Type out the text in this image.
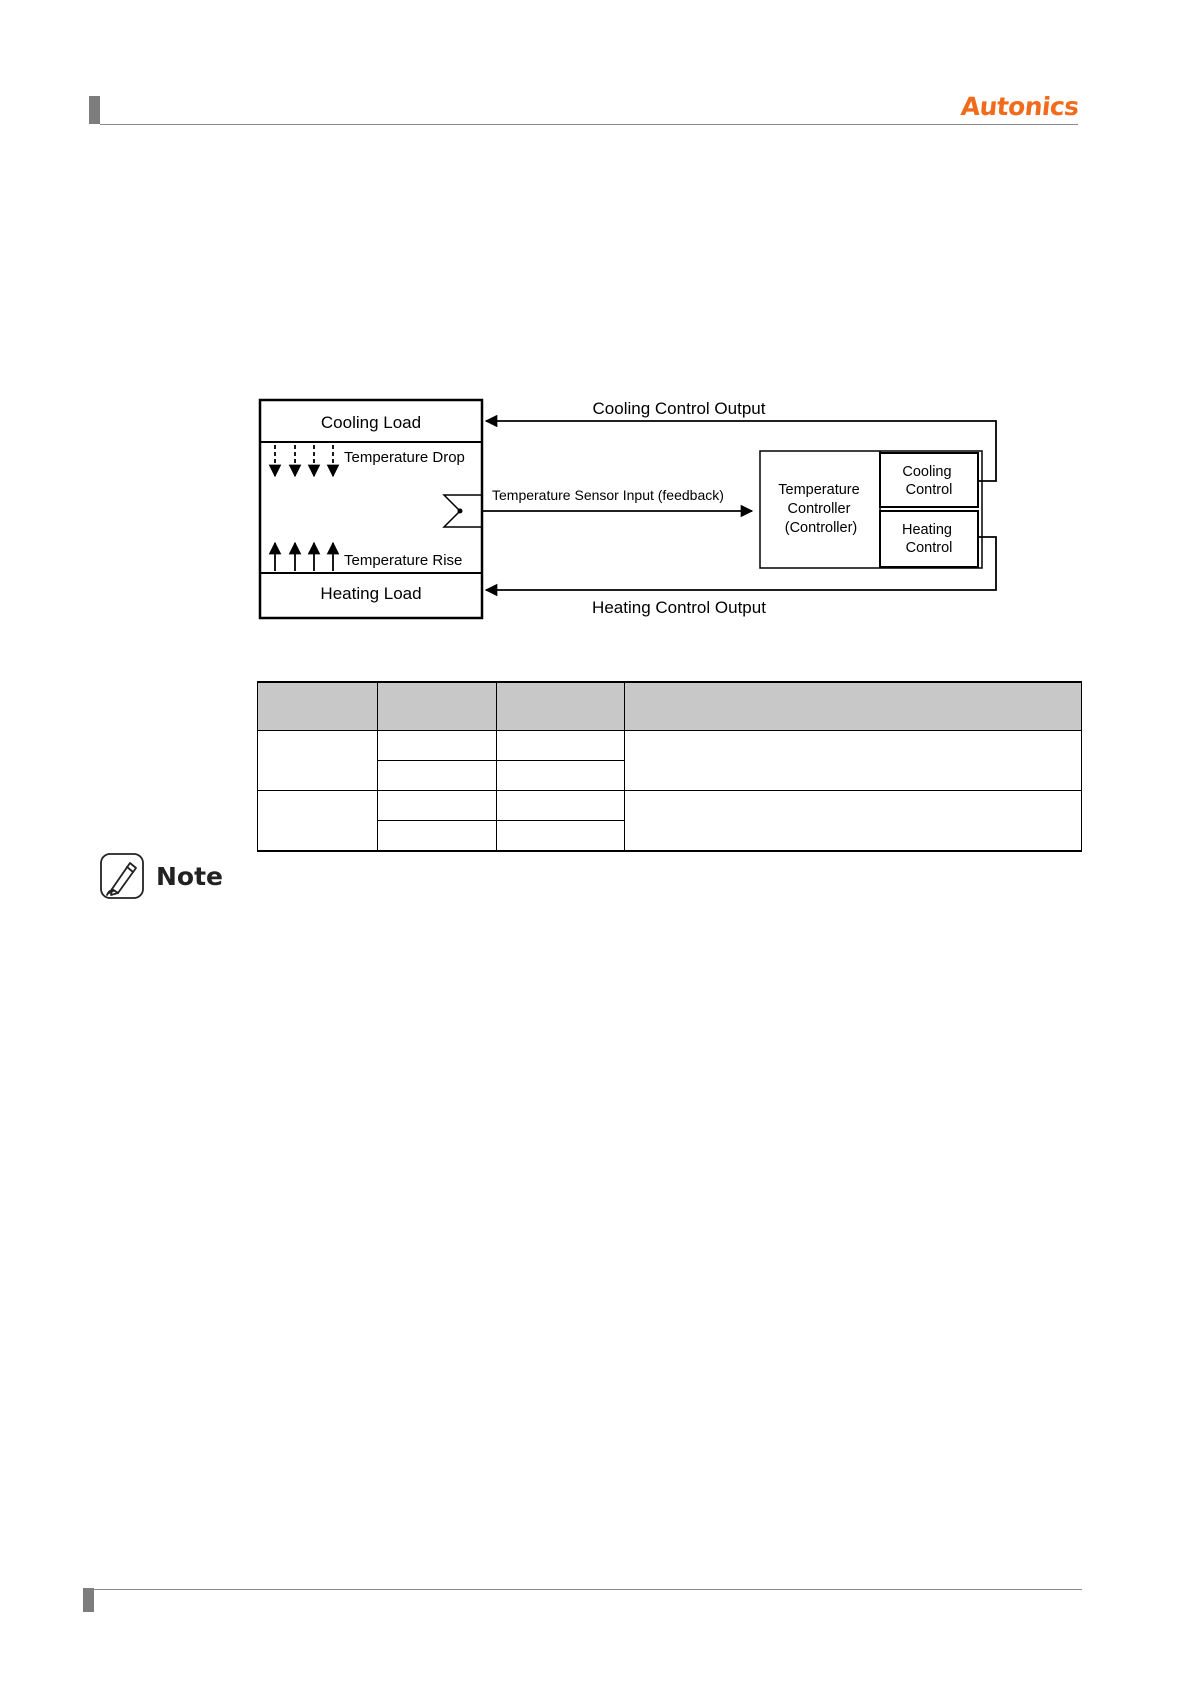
Autonics
Cooling Load
Heating Load
Temperature Drop
Temperature Rise
Temperature Sensor Input (feedback)	Temperature Controller (Controller)
Cooling Control
Heating Control
Cooling Control Output
Heating Control Output

Note
